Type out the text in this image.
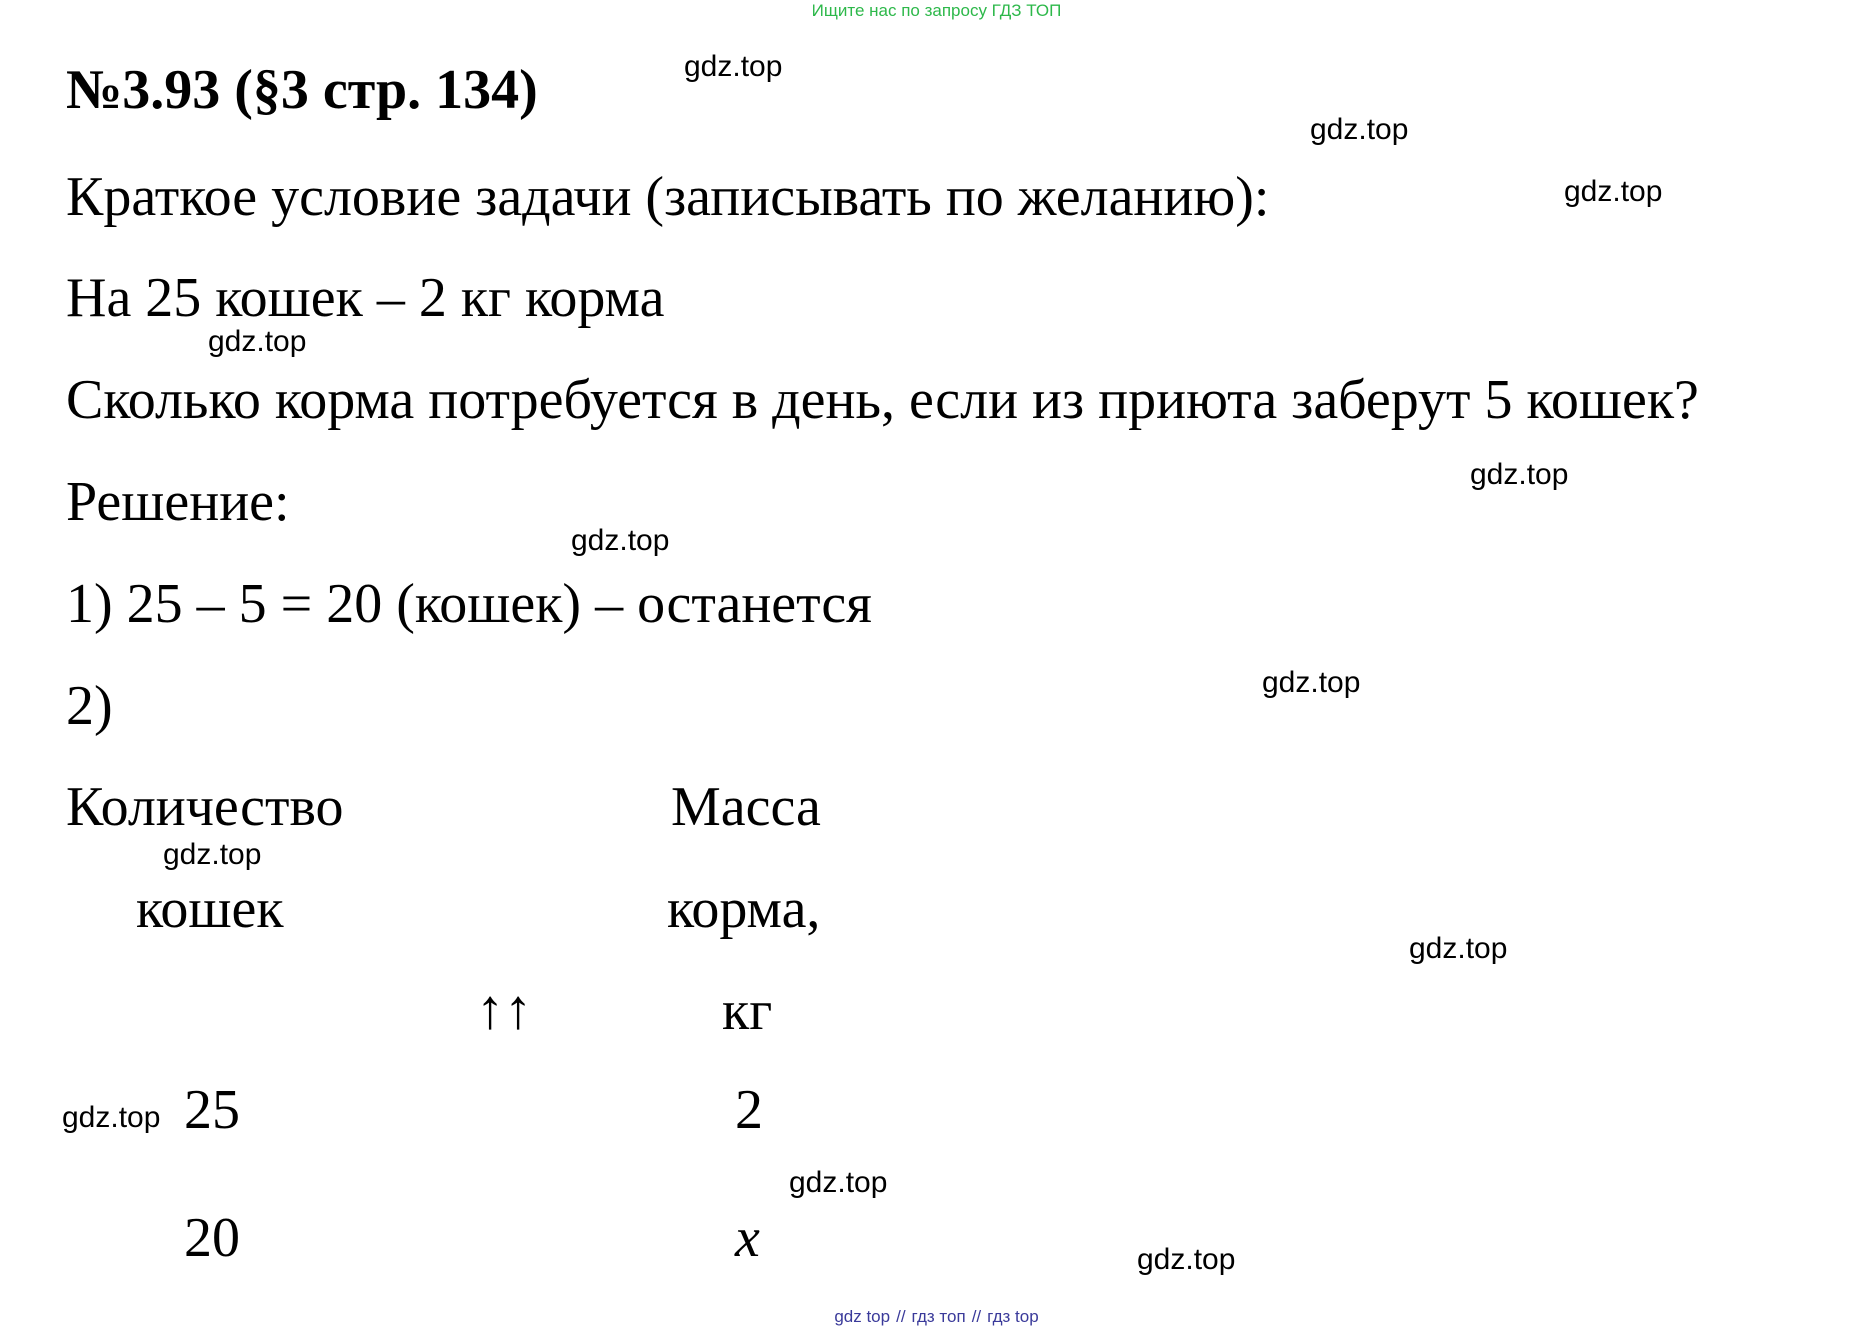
Ищите нас по запросу ГДЗ ТОП
№3.93 (§3 стр. 134)
Краткое условие задачи (записывать по желанию):
На 25 кошек – 2 кг корма
Сколько корма потребуется в день, если из приюта заберут 5 кошек?
Решение:
1) 25 – 5 = 20 (кошек) – останется
2)
Количество
кошек
Масса
корма,
кг
↑↑
25	2
20	x
gdz.top
gdz.top
gdz.top
gdz.top
gdz.top
gdz.top
gdz.top
gdz.top
gdz.top
gdz.top
gdz.top
gdz.top
gdz top // гдз топ // гдз top
